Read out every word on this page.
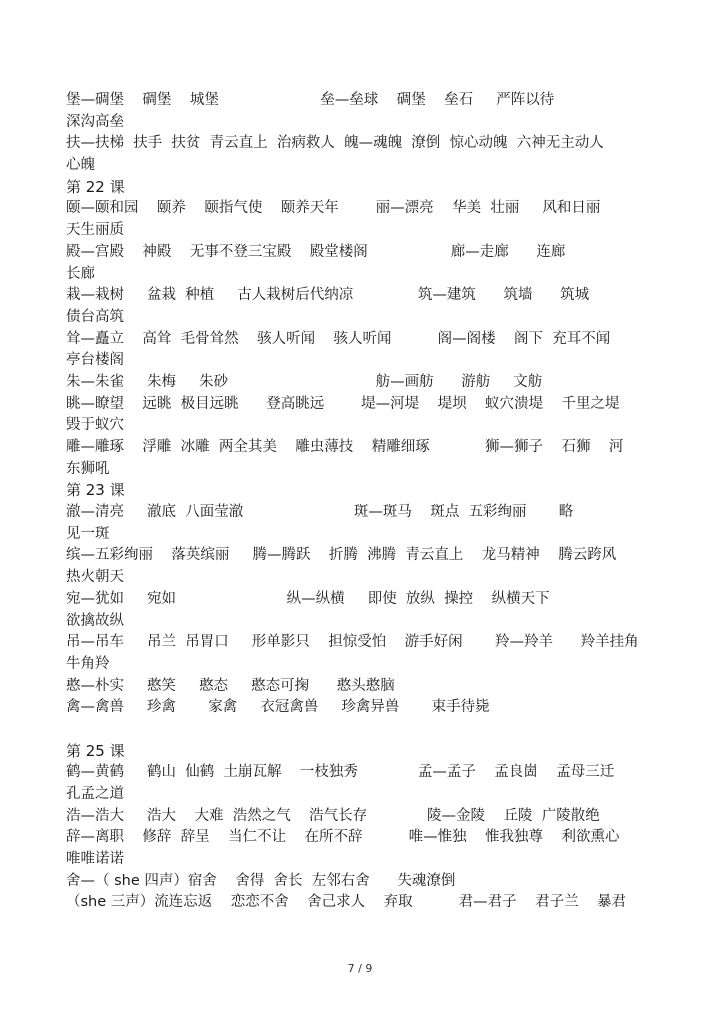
堡—碉堡    碉堡    城堡                      垒—垒球    碉堡    垒石     严阵以待
深沟高垒
扶—扶梯  扶手  扶贫  青云直上  治病救人  魄—魂魄  潦倒  惊心动魄  六神无主动人
心魄
第 22 课
颐—颐和园    颐养    颐指气使    颐养天年        丽—漂亮    华美  壮丽     风和日丽
天生丽质
殿—宫殿    神殿    无事不登三宝殿    殿堂楼阁                  廊—走廊      连廊
长廊
栽—栽树     盆栽  种植     古人栽树后代纳凉              筑—建筑      筑墙      筑城
债台高筑
耸—矗立    高耸  毛骨耸然    骇人听闻    骇人听闻          阁—阁楼    阁下  充耳不闻
亭台楼阁
朱—朱雀     朱梅     朱砂                                舫—画舫      游舫     文舫
眺—瞭望    远眺  极目远眺      登高眺远        堤—河堤    堤坝    蚁穴溃堤    千里之堤
毁于蚁穴
雕—雕琢    浮雕  冰雕  两全其美    雕虫薄技    精雕细琢            狮—狮子    石狮    河
东狮吼
第 23 课
澈—清亮     澈底  八面莹澈                        斑—斑马    斑点  五彩绚丽       略
见一斑
缤—五彩绚丽    落英缤丽     腾—腾跃    折腾  沸腾  青云直上    龙马精神    腾云跨风
热火朝天
宛—犹如     宛如                        纵—纵横     即使  放纵  操控    纵横天下
欲擒故纵
吊—吊车     吊兰  吊胃口     形单影只    担惊受怕    游手好闲       羚—羚羊      羚羊挂角
牛角羚
憨—朴实     憨笑     憨态     憨态可掬      憨头憨脑
禽—禽兽     珍禽       家禽     衣冠禽兽     珍禽异兽       束手待毙
第 25 课
鹤—黄鹤     鹤山  仙鹤  土崩瓦解    一枝独秀             孟—孟子    孟良崮    孟母三迁
孔孟之道
浩—浩大     浩大    大难  浩然之气    浩气长存             陵—金陵    丘陵  广陵散绝
辞—离职    修辞  辞呈    当仁不让    在所不辞          唯—惟独    惟我独尊    利欲熏心
唯唯诺诺
舍—（ she 四声）宿舍    舍得  舍长  左邻右舍      失魂潦倒
（she 三声）流连忘返    恋恋不舍    舍己求人    弃取          君—君子    君子兰    暴君
7 / 9
